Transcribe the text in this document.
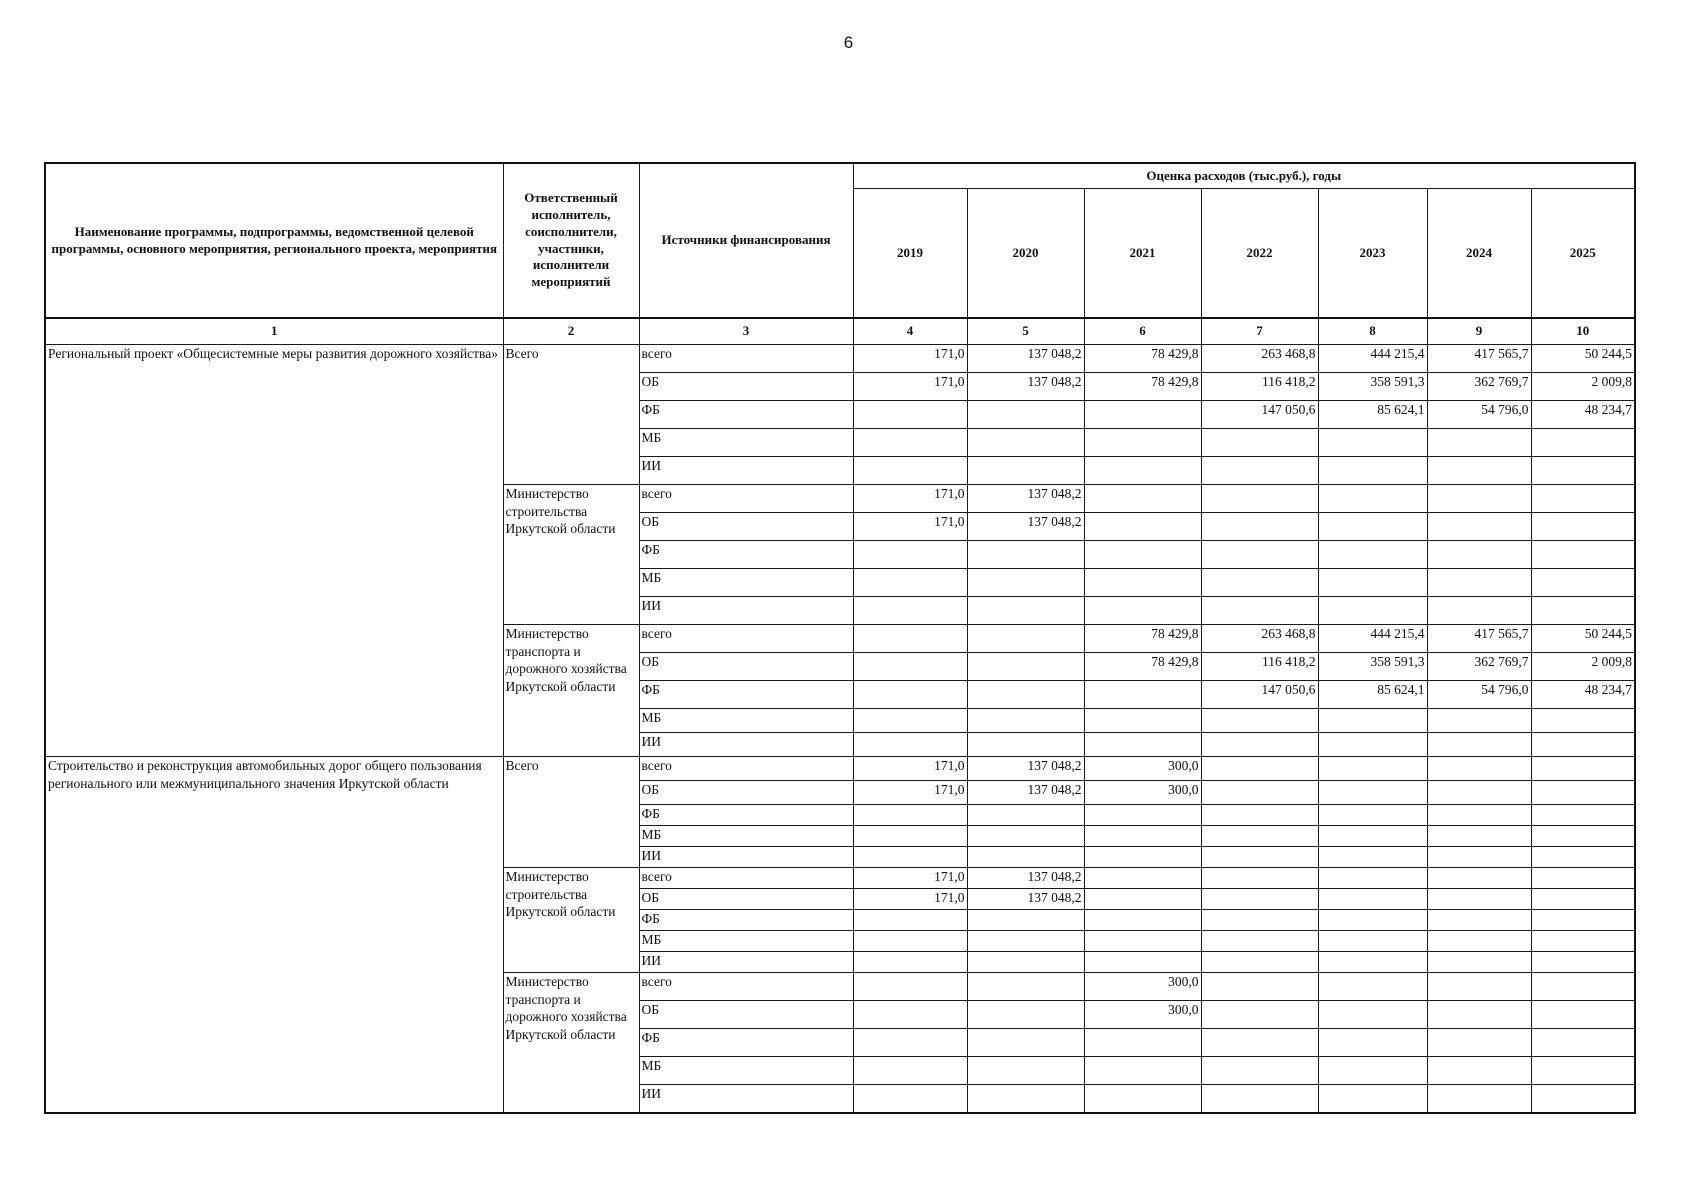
6
Наименование программы, подпрограммы, ведомственной целевой программы, основного мероприятия, регионального проекта, мероприятия	Ответственный исполнитель, соисполнители, участники, исполнители мероприятий	Источники финансирования	Оценка расходов (тыс.руб.), годы						
			2019	2020	2021	2022	2023	2024	2025
1	2	3	4	5	6	7	8	9	10
Региональный проект «Общесистемные меры развития дорожного хозяйства»	Всего	всего	171,0	137 048,2	78 429,8	263 468,8	444 215,4	417 565,7	50 244,5
		ОБ	171,0	137 048,2	78 429,8	116 418,2	358 591,3	362 769,7	2 009,8
		ФБ				147 050,6	85 624,1	54 796,0	48 234,7
		МБ							
		ИИ							
	Министерство строительства Иркутской области	всего	171,0	137 048,2					
		ОБ	171,0	137 048,2					
		ФБ							
		МБ							
		ИИ							
	Министерство транспорта и дорожного хозяйства Иркутской области	всего			78 429,8	263 468,8	444 215,4	417 565,7	50 244,5
		ОБ			78 429,8	116 418,2	358 591,3	362 769,7	2 009,8
		ФБ				147 050,6	85 624,1	54 796,0	48 234,7
		МБ							
		ИИ							
Строительство и реконструкция автомобильных дорог общего пользования регионального или межмуниципального значения Иркутской области	Всего	всего	171,0	137 048,2	300,0				
		ОБ	171,0	137 048,2	300,0				
		ФБ							
		МБ							
		ИИ							
	Министерство строительства Иркутской области	всего	171,0	137 048,2					
		ОБ	171,0	137 048,2					
		ФБ							
		МБ							
		ИИ							
	Министерство транспорта и дорожного хозяйства Иркутской области	всего			300,0				
		ОБ			300,0				
		ФБ							
		МБ							
		ИИ							
